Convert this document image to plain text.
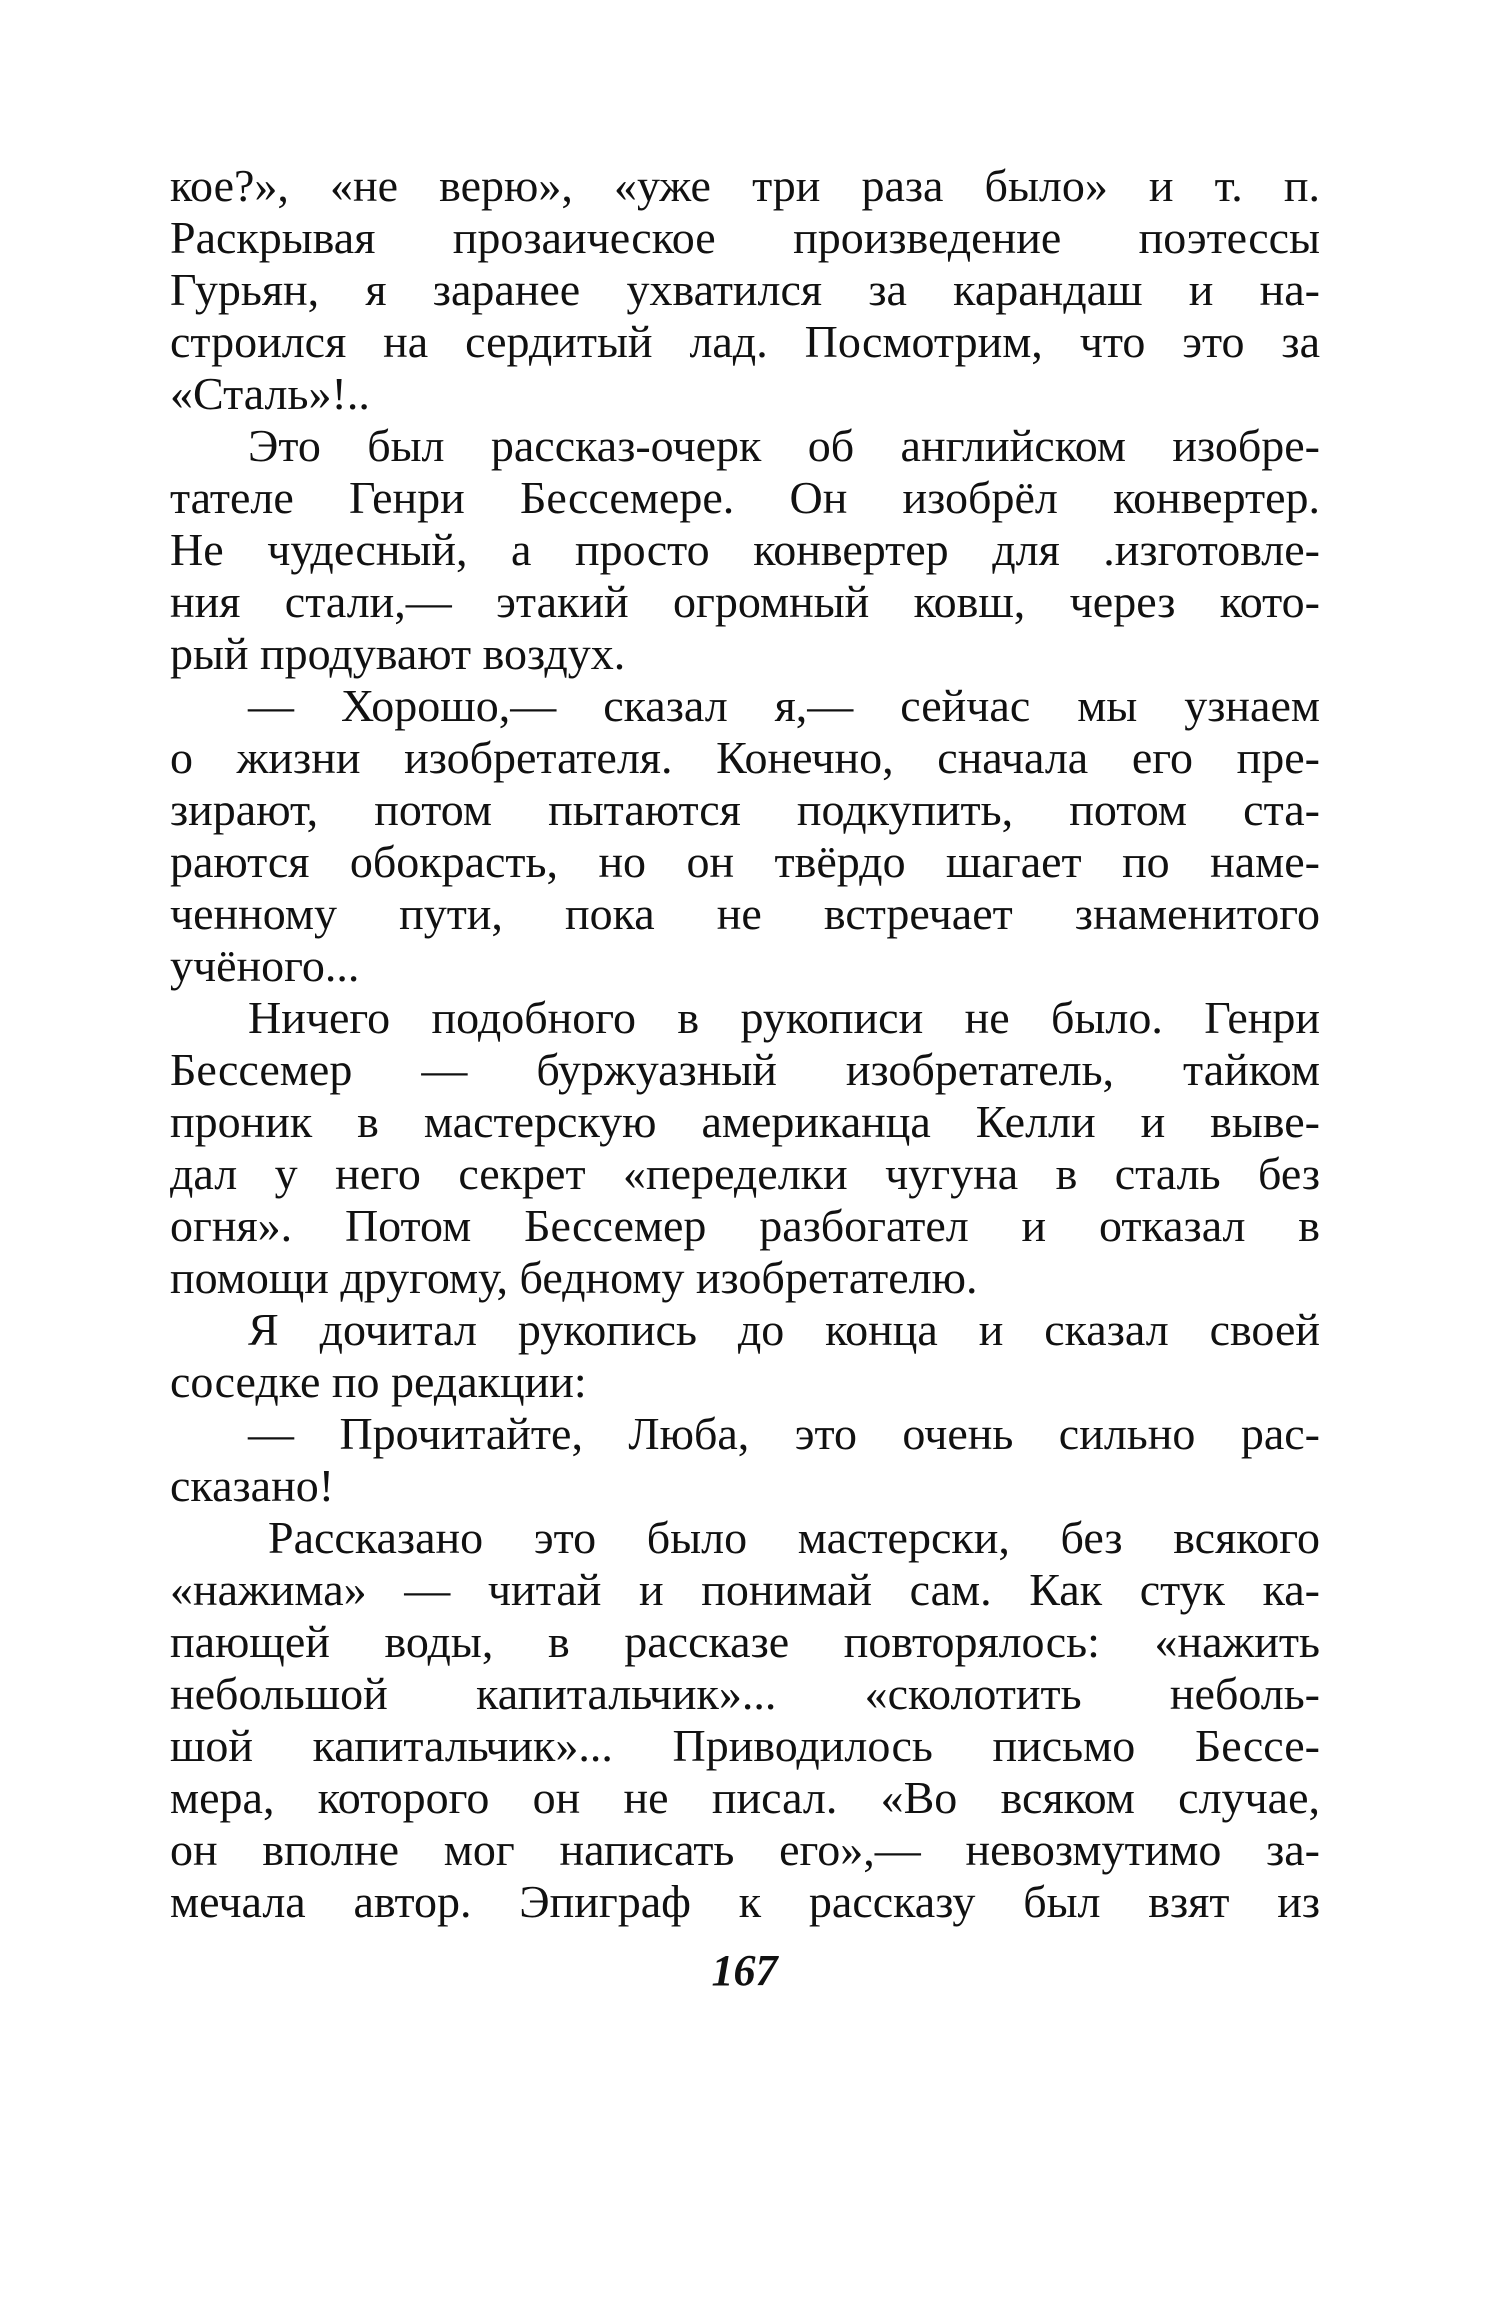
кое?», «не верю», «уже три раза было» и т. п.
Раскрывая прозаическое произведение поэтессы
Гурьян, я заранее ухватился за карандаш и на-
строился на сердитый лад. Посмотрим, что это за
«Сталь»!..
Это был рассказ-очерк об английском изобре-
тателе Генри Бессемере. Он изобрёл конвертер.
Не чудесный, а просто конвертер для .изготовле-
ния стали,— этакий огромный ковш, через кото-
рый продувают воздух.
— Хорошо,— сказал я,— сейчас мы узнаем
о жизни изобретателя. Конечно, сначала его пре-
зирают, потом пытаются подкупить, потом ста-
раются обокрасть, но он твёрдо шагает по наме-
ченному пути, пока не встречает знаменитого
учёного...
Ничего подобного в рукописи не было. Генри
Бессемер — буржуазный изобретатель, тайком
проник в мастерскую американца Келли и выве-
дал у него секрет «переделки чугуна в сталь без
огня». Потом Бессемер разбогател и отказал в
помощи другому, бедному изобретателю.
Я дочитал рукопись до конца и сказал своей
соседке по редакции:
— Прочитайте, Люба, это очень сильно рас-
сказано!
Рассказано это было мастерски, без всякого
«нажима» — читай и понимай сам. Как стук ка-
пающей воды, в рассказе повторялось: «нажить
небольшой капитальчик»... «сколотить неболь-
шой капитальчик»... Приводилось письмо Бессе-
мера, которого он не писал. «Во всяком случае,
он вполне мог написать его»,— невозмутимо за-
мечала автор. Эпиграф к рассказу был взят из
167
